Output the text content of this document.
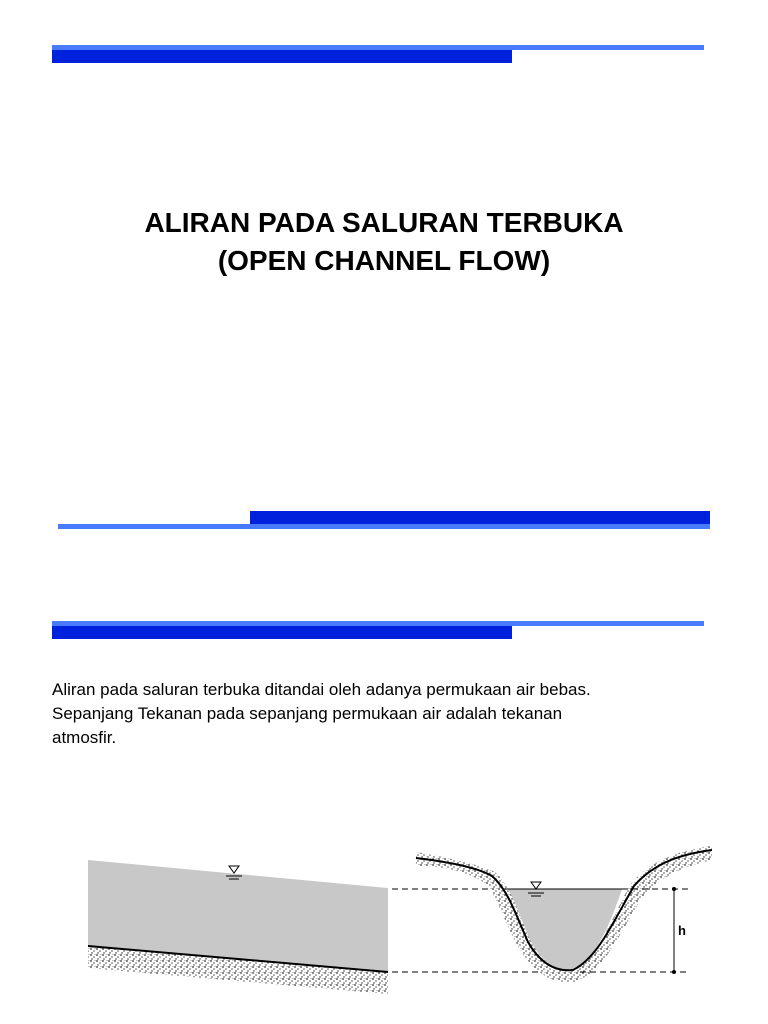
ALIRAN PADA SALURAN TERBUKA
(OPEN CHANNEL FLOW)

Aliran pada saluran terbuka ditandai oleh adanya permukaan air bebas.

Sepanjang Tekanan pada sepanjang permukaan air adalah tekanan

atmosfir.

h
